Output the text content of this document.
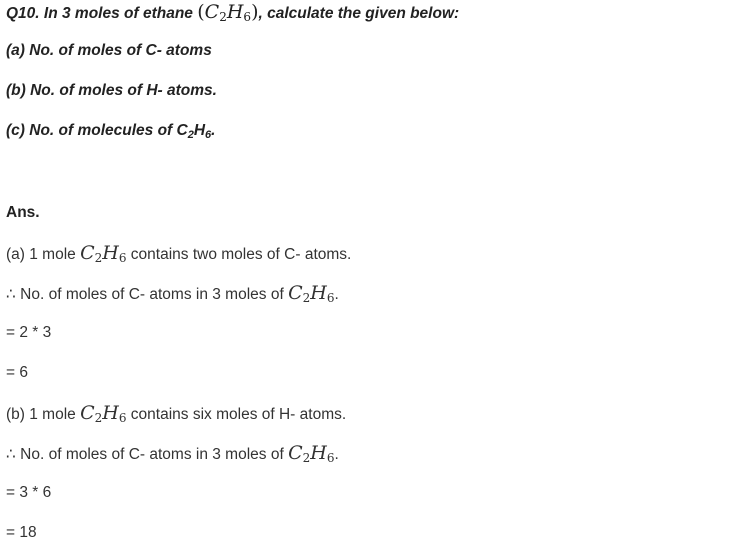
Q10. In 3 moles of ethane $(C_2H_6)$, calculate the given below:
(a) No. of moles of C- atoms
(b) No. of moles of H- atoms.
(c) No. of molecules of $C_2H_6$.
Ans.
(a) 1 mole $C_2H_6$ contains two moles of C- atoms.
∴ No. of moles of C- atoms in 3 moles of $C_2H_6$.
= 2 * 3
= 6
(b) 1 mole $C_2H_6$ contains six moles of H- atoms.
∴ No. of moles of C- atoms in 3 moles of $C_2H_6$.
= 3 * 6
= 18
